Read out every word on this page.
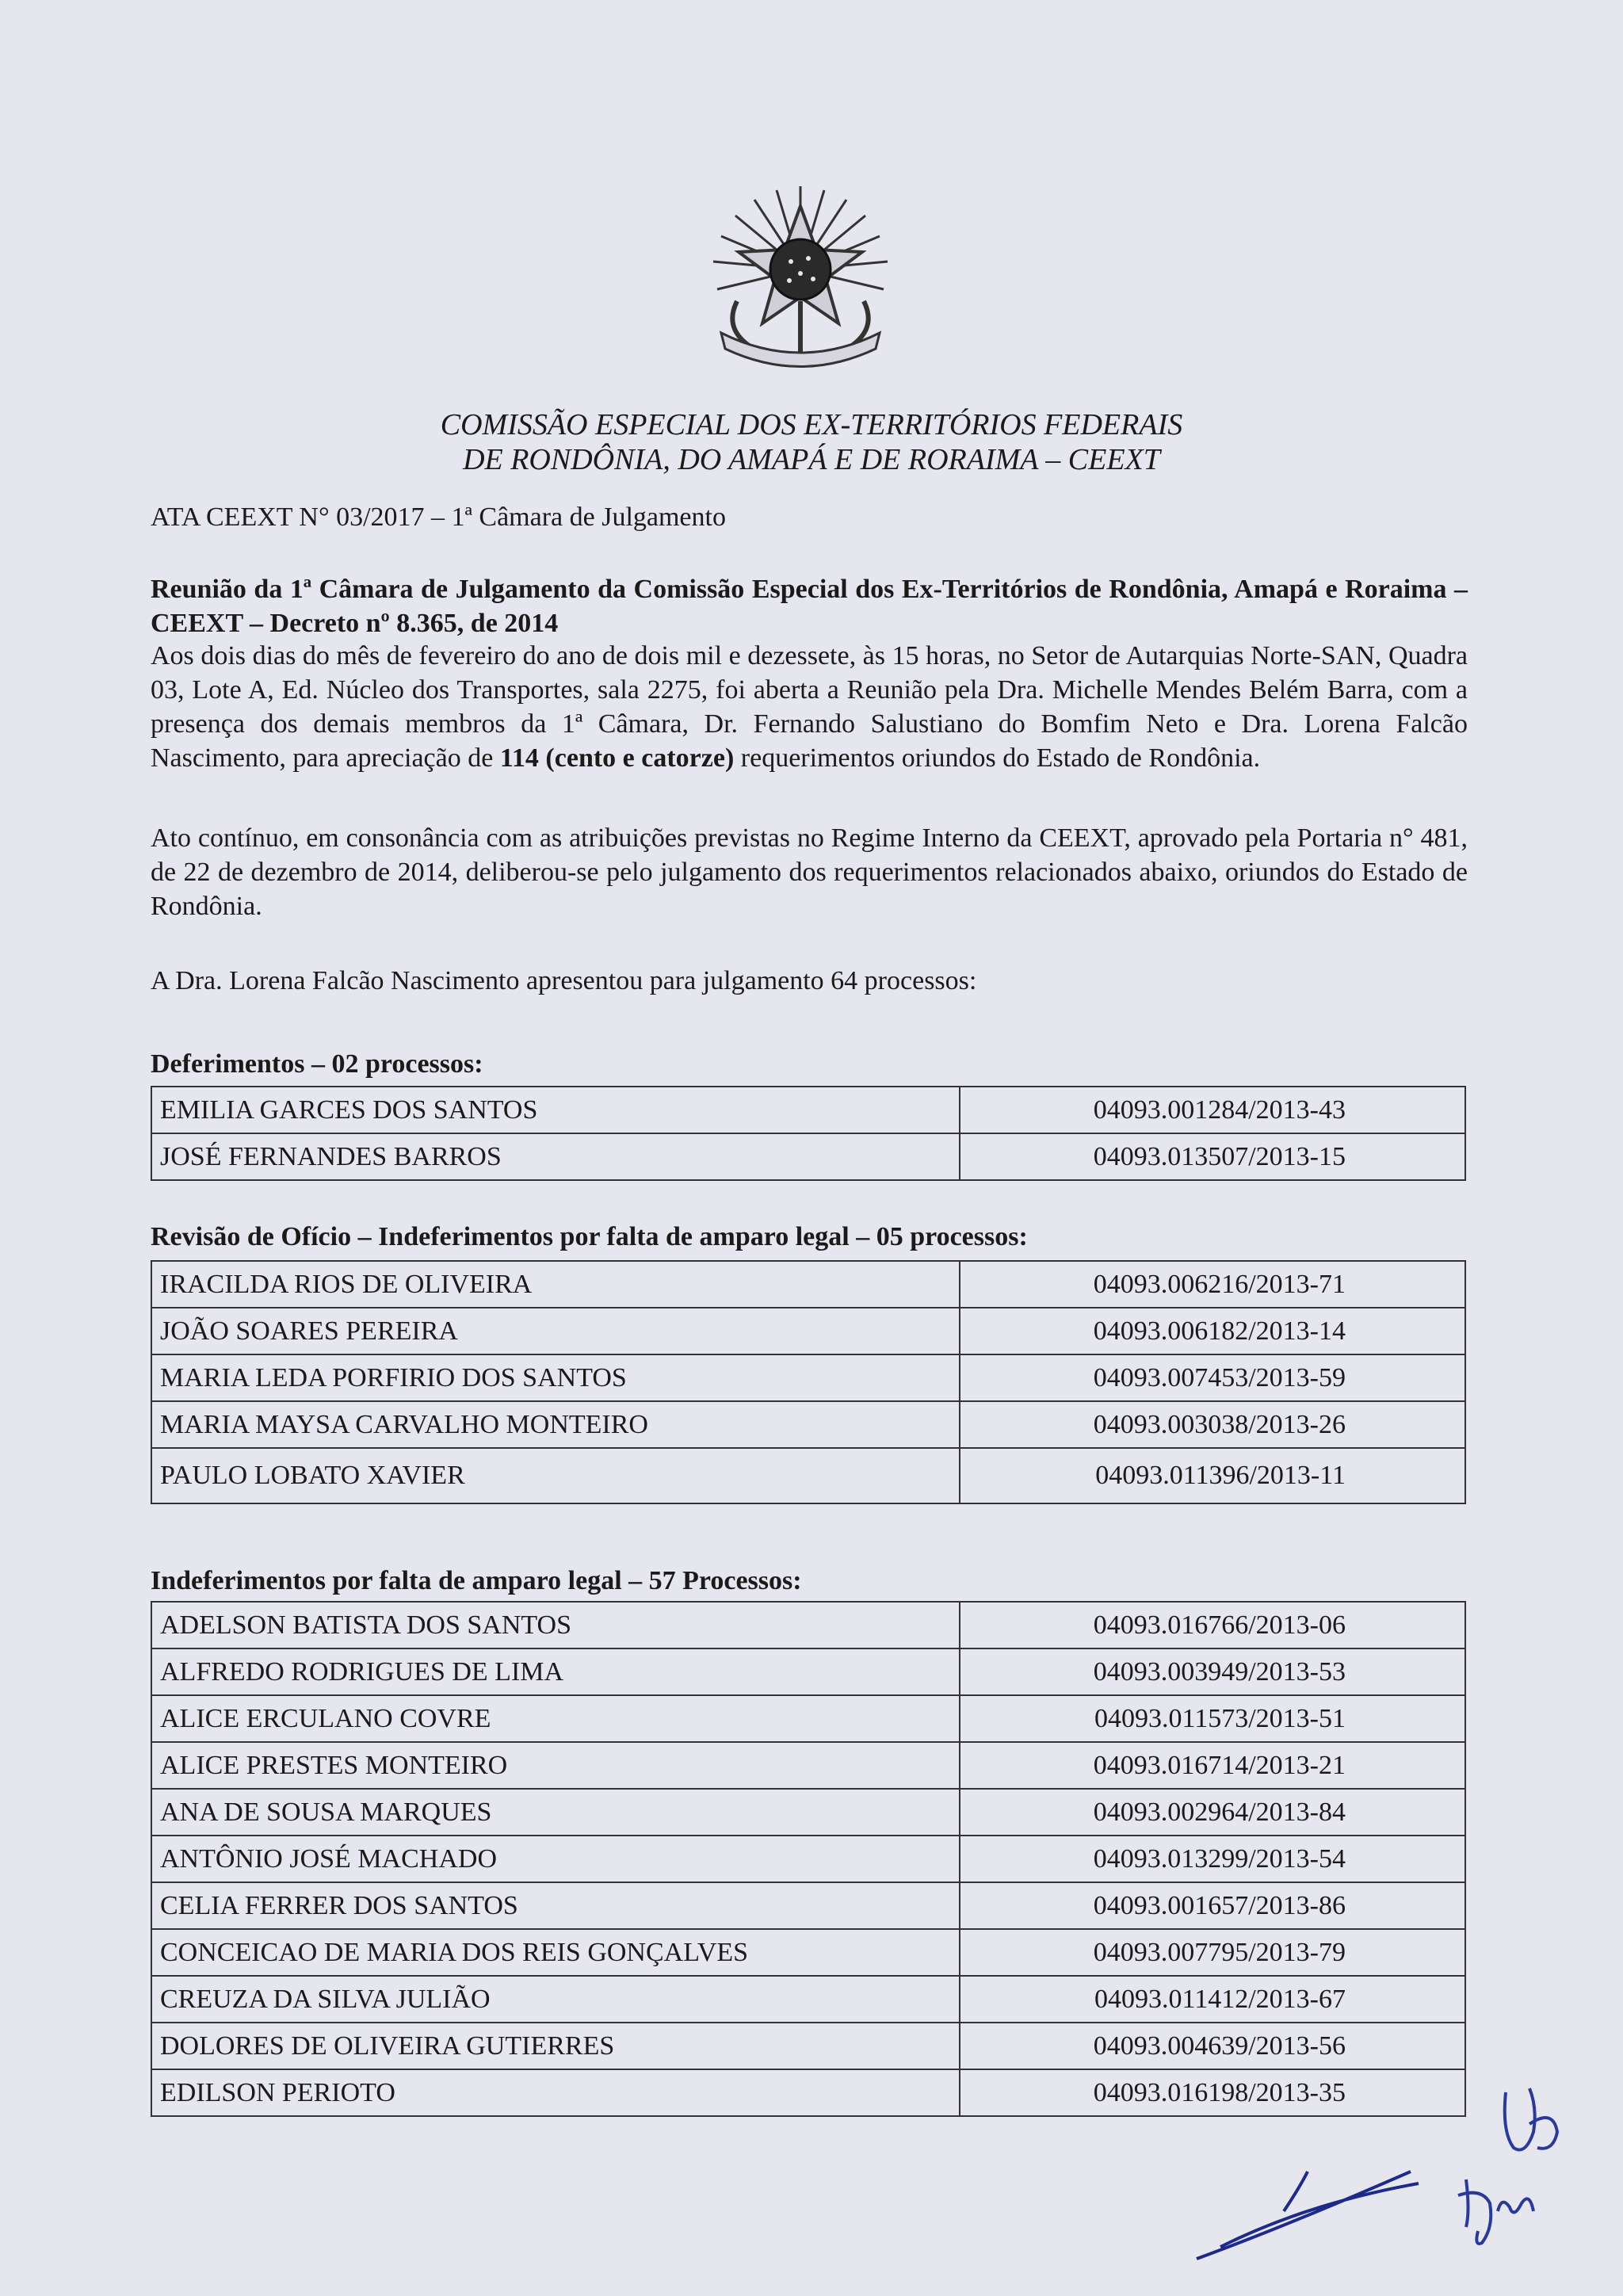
COMISSÃO ESPECIAL DOS EX-TERRITÓRIOS FEDERAIS
DE RONDÔNIA, DO AMAPÁ E DE RORAIMA – CEEXT
ATA CEEXT N° 03/2017 – 1ª Câmara de Julgamento
Reunião da 1ª Câmara de Julgamento da Comissão Especial dos Ex-Territórios de Rondônia, Amapá e Roraima – CEEXT – Decreto nº 8.365, de 2014
Aos dois dias do mês de fevereiro do ano de dois mil e dezessete, às 15 horas, no Setor de Autarquias Norte-SAN, Quadra 03, Lote A, Ed. Núcleo dos Transportes, sala 2275, foi aberta a Reunião pela Dra. Michelle Mendes Belém Barra, com a presença dos demais membros da 1ª Câmara, Dr. Fernando Salustiano do Bomfim Neto e Dra. Lorena Falcão Nascimento, para apreciação de 114 (cento e catorze) requerimentos oriundos do Estado de Rondônia.
Ato contínuo, em consonância com as atribuições previstas no Regime Interno da CEEXT, aprovado pela Portaria n° 481, de 22 de dezembro de 2014, deliberou-se pelo julgamento dos requerimentos relacionados abaixo, oriundos do Estado de Rondônia.
A Dra. Lorena Falcão Nascimento apresentou para julgamento 64 processos:
Deferimentos – 02 processos:
EMILIA GARCES DOS SANTOS	04093.001284/2013-43
JOSÉ FERNANDES BARROS	04093.013507/2013-15
Revisão de Ofício – Indeferimentos por falta de amparo legal – 05 processos:
IRACILDA RIOS DE OLIVEIRA	04093.006216/2013-71
JOÃO SOARES PEREIRA	04093.006182/2013-14
MARIA LEDA PORFIRIO DOS SANTOS	04093.007453/2013-59
MARIA MAYSA CARVALHO MONTEIRO	04093.003038/2013-26
PAULO LOBATO XAVIER	04093.011396/2013-11
Indeferimentos por falta de amparo legal – 57 Processos:
ADELSON BATISTA DOS SANTOS	04093.016766/2013-06
ALFREDO RODRIGUES DE LIMA	04093.003949/2013-53
ALICE ERCULANO COVRE	04093.011573/2013-51
ALICE PRESTES MONTEIRO	04093.016714/2013-21
ANA DE SOUSA MARQUES	04093.002964/2013-84
ANTÔNIO JOSÉ MACHADO	04093.013299/2013-54
CELIA FERRER DOS SANTOS	04093.001657/2013-86
CONCEICAO DE MARIA DOS REIS GONÇALVES	04093.007795/2013-79
CREUZA DA SILVA JULIÃO	04093.011412/2013-67
DOLORES DE OLIVEIRA GUTIERRES	04093.004639/2013-56
EDILSON PERIOTO	04093.016198/2013-35
